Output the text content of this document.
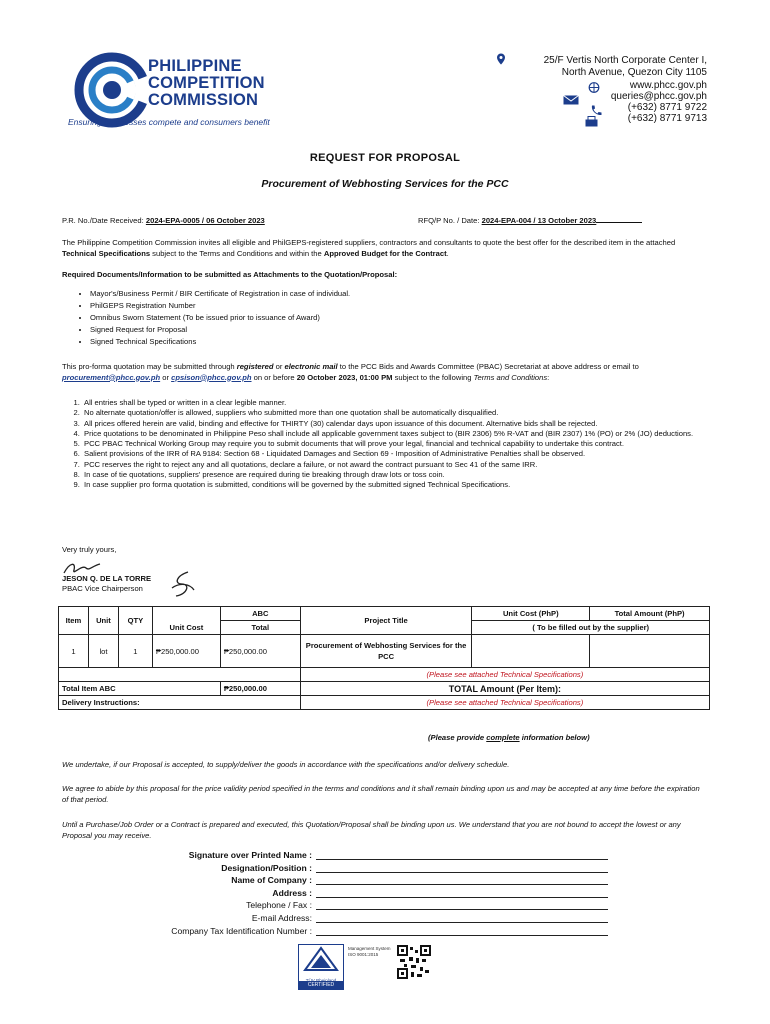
PHILIPPINE
COMPETITION
COMMISSION
Ensuring businesses compete and consumers benefit
25/F Vertis North Corporate Center I,
North Avenue, Quezon City 1105
www.phcc.gov.ph
queries@phcc.gov.ph
(+632) 8771 9722
(+632) 8771 9713
REQUEST FOR PROPOSAL
Procurement of Webhosting Services for the PCC
P.R. No./Date Received: 2024-EPA-0005 / 06 October 2023	RFQ/P No. / Date: 2024-EPA-004 / 13 October 2023
The Philippine Competition Commission invites all eligible and PhilGEPS-registered suppliers, contractors and consultants to quote the best offer for the described item in the attached Technical Specifications subject to the Terms and Conditions and within the Approved Budget for the Contract.
Required Documents/Information to be submitted as Attachments to the Quotation/Proposal:
• Mayor's/Business Permit / BIR Certificate of Registration in case of individual.
• PhilGEPS Registration Number
• Omnibus Sworn Statement (To be issued prior to issuance of Award)
• Signed Request for Proposal
• Signed Technical Specifications
This pro-forma quotation may be submitted through registered or electronic mail to the PCC Bids and Awards Committee (PBAC) Secretariat at above address or email to
procurement@phcc.gov.ph or cpsison@phcc.gov.ph on or before 20 October 2023, 01:00 PM subject to the following Terms and Conditions:
1. All entries shall be typed or written in a clear legible manner.
2. No alternate quotation/offer is allowed, suppliers who submitted more than one quotation shall be automatically disqualified.
3. All prices offered herein are valid, binding and effective for THIRTY (30) calendar days upon issuance of this document. Alternative bids shall be rejected.
4. Price quotations to be denominated in Philippine Peso shall include all applicable government taxes subject to (BIR 2306) 5% R-VAT and (BIR 2307) 1% (PO) or 2% (JO) deductions.
5. PCC PBAC Technical Working Group may require you to submit documents that will prove your legal, financial and technical capability to undertake this contract.
6. Salient provisions of the IRR of RA 9184: Section 68 - Liquidated Damages and Section 69 - Imposition of Administrative Penalties shall be observed.
7. PCC reserves the right to reject any and all quotations, declare a failure, or not award the contract pursuant to Sec 41 of the same IRR.
8. In case of tie quotations, suppliers' presence are required during tie breaking through draw lots or toss coin.
9. In case supplier pro forma quotation is submitted, conditions will be governed by the submitted signed Technical Specifications.
Very truly yours,
JESON Q. DE LA TORRE
PBAC Vice Chairperson
Item	Unit	QTY		ABC	Project Title	Unit Cost (PhP)	Total Amount (PhP)
			Unit Cost	Total		( To be filled out by the supplier)	
1	lot	1	₱250,000.00	₱250,000.00	Procurement of Webhosting Services for the PCC		
					(Please see attached Technical Specifications)		
Total Item ABC				₱250,000.00	TOTAL Amount (Per Item):		
Delivery Instructions:					(Please see attached Technical Specifications)		
(Please provide complete information below)
We undertake, if our Proposal is accepted, to supply/deliver the goods in accordance with the specifications and/or delivery schedule.
We agree to abide by this proposal for the price validity period specified in the terms and conditions and it shall remain binding upon us and may be accepted at any time before the expiration of that period.
Until a Purchase/Job Order or a Contract is prepared and executed, this Quotation/Proposal shall be binding upon us. We understand that you are not bound to accept the lowest or any Proposal you may receive.
Signature over Printed Name :
Designation/Position :
Name of Company :
Address :
Telephone / Fax :
E-mail Address:
Company Tax Identification Number :
CERTIFIED
Management System
ISO 9001:2015
